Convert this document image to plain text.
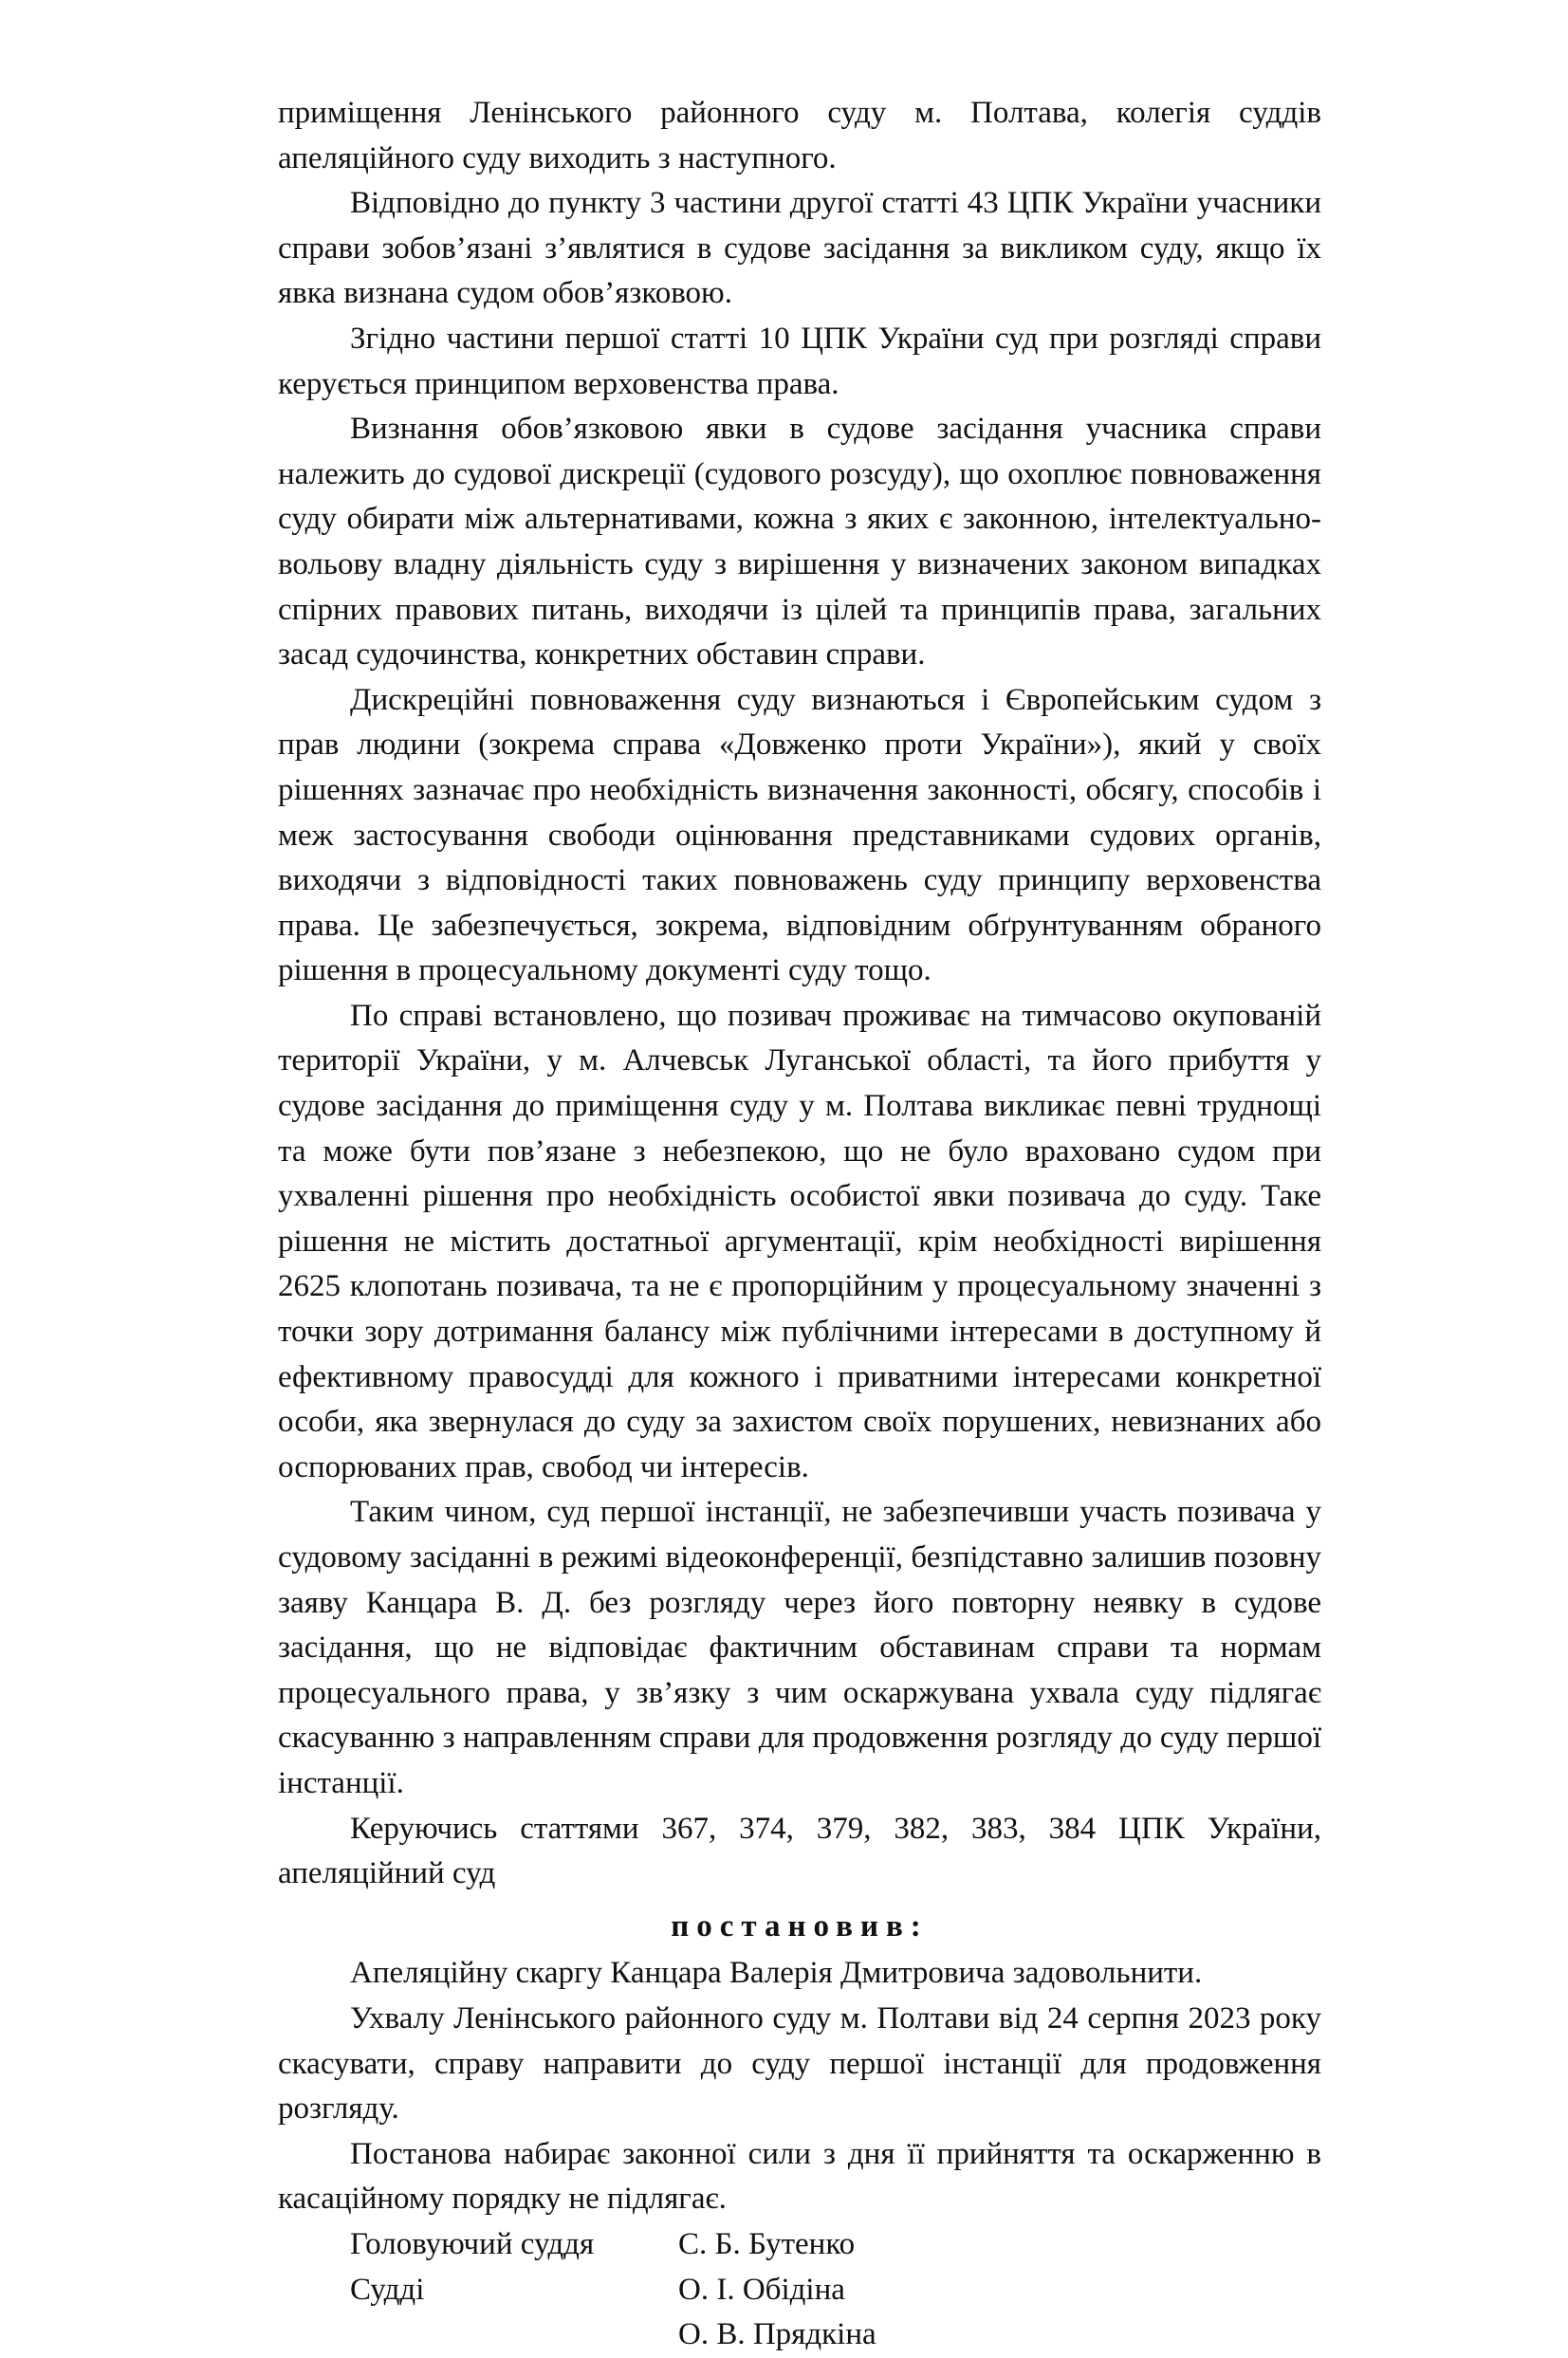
приміщення Ленінського районного суду м. Полтава, колегія суддів апеляційного суду виходить з наступного.

Відповідно до пункту 3 частини другої статті 43 ЦПК України учасники справи зобов’язані з’являтися в судове засідання за викликом суду, якщо їх явка визнана судом обов’язковою.

Згідно частини першої статті 10 ЦПК України суд при розгляді справи керується принципом верховенства права.

Визнання обов’язковою явки в судове засідання учасника справи належить до судової дискреції (судового розсуду), що охоплює повноваження суду обирати між альтернативами, кожна з яких є законною, інтелектуально-вольову владну діяльність суду з вирішення у визначених законом випадках спірних правових питань, виходячи із цілей та принципів права, загальних засад судочинства, конкретних обставин справи.

Дискреційні повноваження суду визнаються і Європейським судом з прав людини (зокрема справа «Довженко проти України»), який у своїх рішеннях зазначає про необхідність визначення законності, обсягу, способів і меж застосування свободи оцінювання представниками судових органів, виходячи з відповідності таких повноважень суду принципу верховенства права. Це забезпечується, зокрема, відповідним обґрунтуванням обраного рішення в процесуальному документі суду тощо.

По справі встановлено, що позивач проживає на тимчасово окупованій території України, у м. Алчевськ Луганської області, та його прибуття у судове засідання до приміщення суду у м. Полтава викликає певні труднощі та може бути пов’язане з небезпекою, що не було враховано судом при ухваленні рішення про необхідність особистої явки позивача до суду. Таке рішення не містить достатньої аргументації, крім необхідності вирішення 2625 клопотань позивача, та не є пропорційним у процесуальному значенні з точки зору дотримання балансу між публічними інтересами в доступному й ефективному правосудді для кожного і приватними інтересами конкретної особи, яка звернулася до суду за захистом своїх порушених, невизнаних або оспорюваних прав, свобод чи інтересів.

Таким чином, суд першої інстанції, не забезпечивши участь позивача у судовому засіданні в режимі відеоконференції, безпідставно залишив позовну заяву Канцара В. Д. без розгляду через його повторну неявку в судове засідання, що не відповідає фактичним обставинам справи та нормам процесуального права, у зв’язку з чим оскаржувана ухвала суду підлягає скасуванню з направленням справи для продовження розгляду до суду першої інстанції.

Керуючись статтями 367, 374, 379, 382, 383, 384 ЦПК України, апеляційний суд

постановив:

Апеляційну скаргу Канцара Валерія Дмитровича задовольнити.

Ухвалу Ленінського районного суду м. Полтави від 24 серпня 2023 року скасувати, справу направити до суду першої інстанції для продовження розгляду.

Постанова набирає законної сили з дня її прийняття та оскарженню в касаційному порядку не підлягає.

Головуючий суддя	С. Б. Бутенко
Судді	О. І. Обідіна
О. В. Прядкіна
